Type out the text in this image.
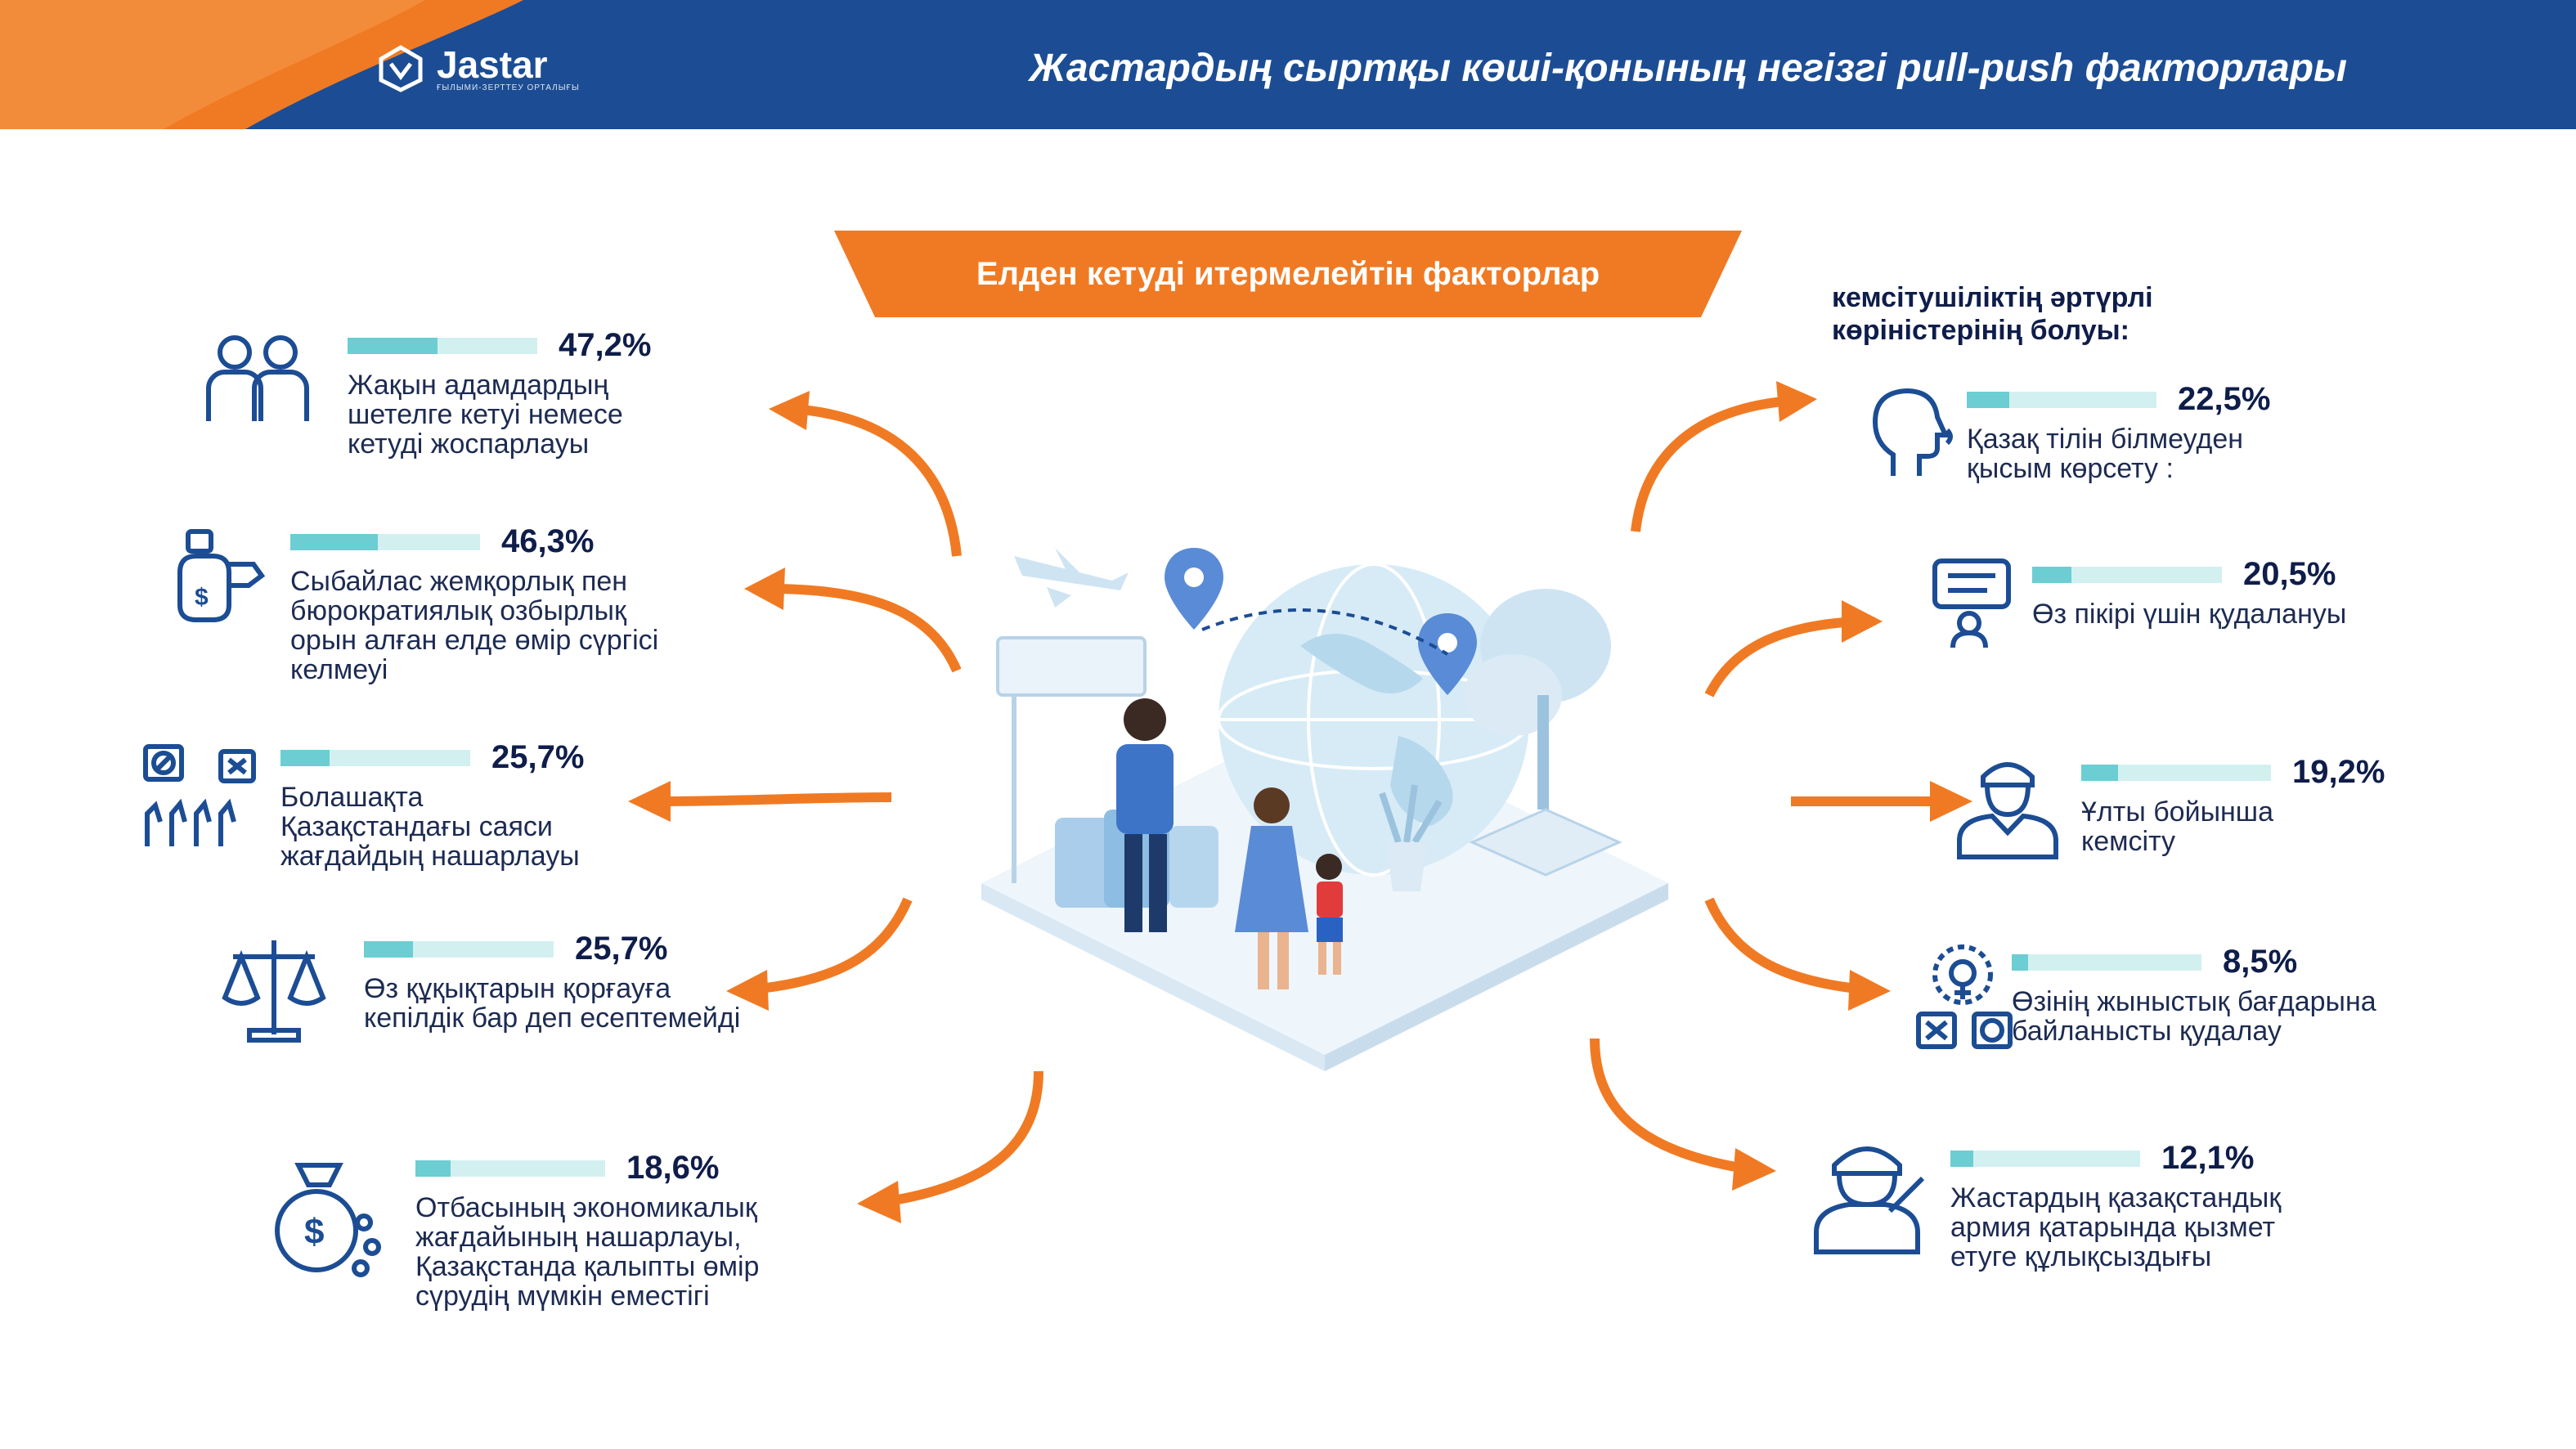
Jastar
ҒЫЛЫМИ-ЗЕРТТЕУ ОРТАЛЫҒЫ	Жастардың сыртқы көші-қонының негізгі pull-push факторлары
Елден кетуді итермелейтін факторлар
кемсітушіліктің әртүрлі
көріністерінің болуы:
$
$
47,2%
Жақын адамдардың
шетелге кетуі немесе
кетуді жоспарлауы
46,3%
Сыбайлас жемқорлық пен
бюрократиялық озбырлық
орын алған елде өмір сүргісі
келмеуі
25,7%
Болашақта
Қазақстандағы саяси
жағдайдың нашарлауы
25,7%
Өз құқықтарын қорғауға
кепілдік бар деп есептемейді
18,6%
Отбасының экономикалық
жағдайының нашарлауы,
Қазақстанда қалыпты өмір
сүрудің мүмкін еместігі
22,5%
Қазақ тілін білмеуден
қысым көрсету :
20,5%
Өз пікірі үшін қудалануы
19,2%
Ұлты бойынша
кемсіту
8,5%
Өзінің жыныстық бағдарына
байланысты қудалау
12,1%
Жастардың қазақстандық
армия қатарында қызмет
етуге құлықсыздығы
